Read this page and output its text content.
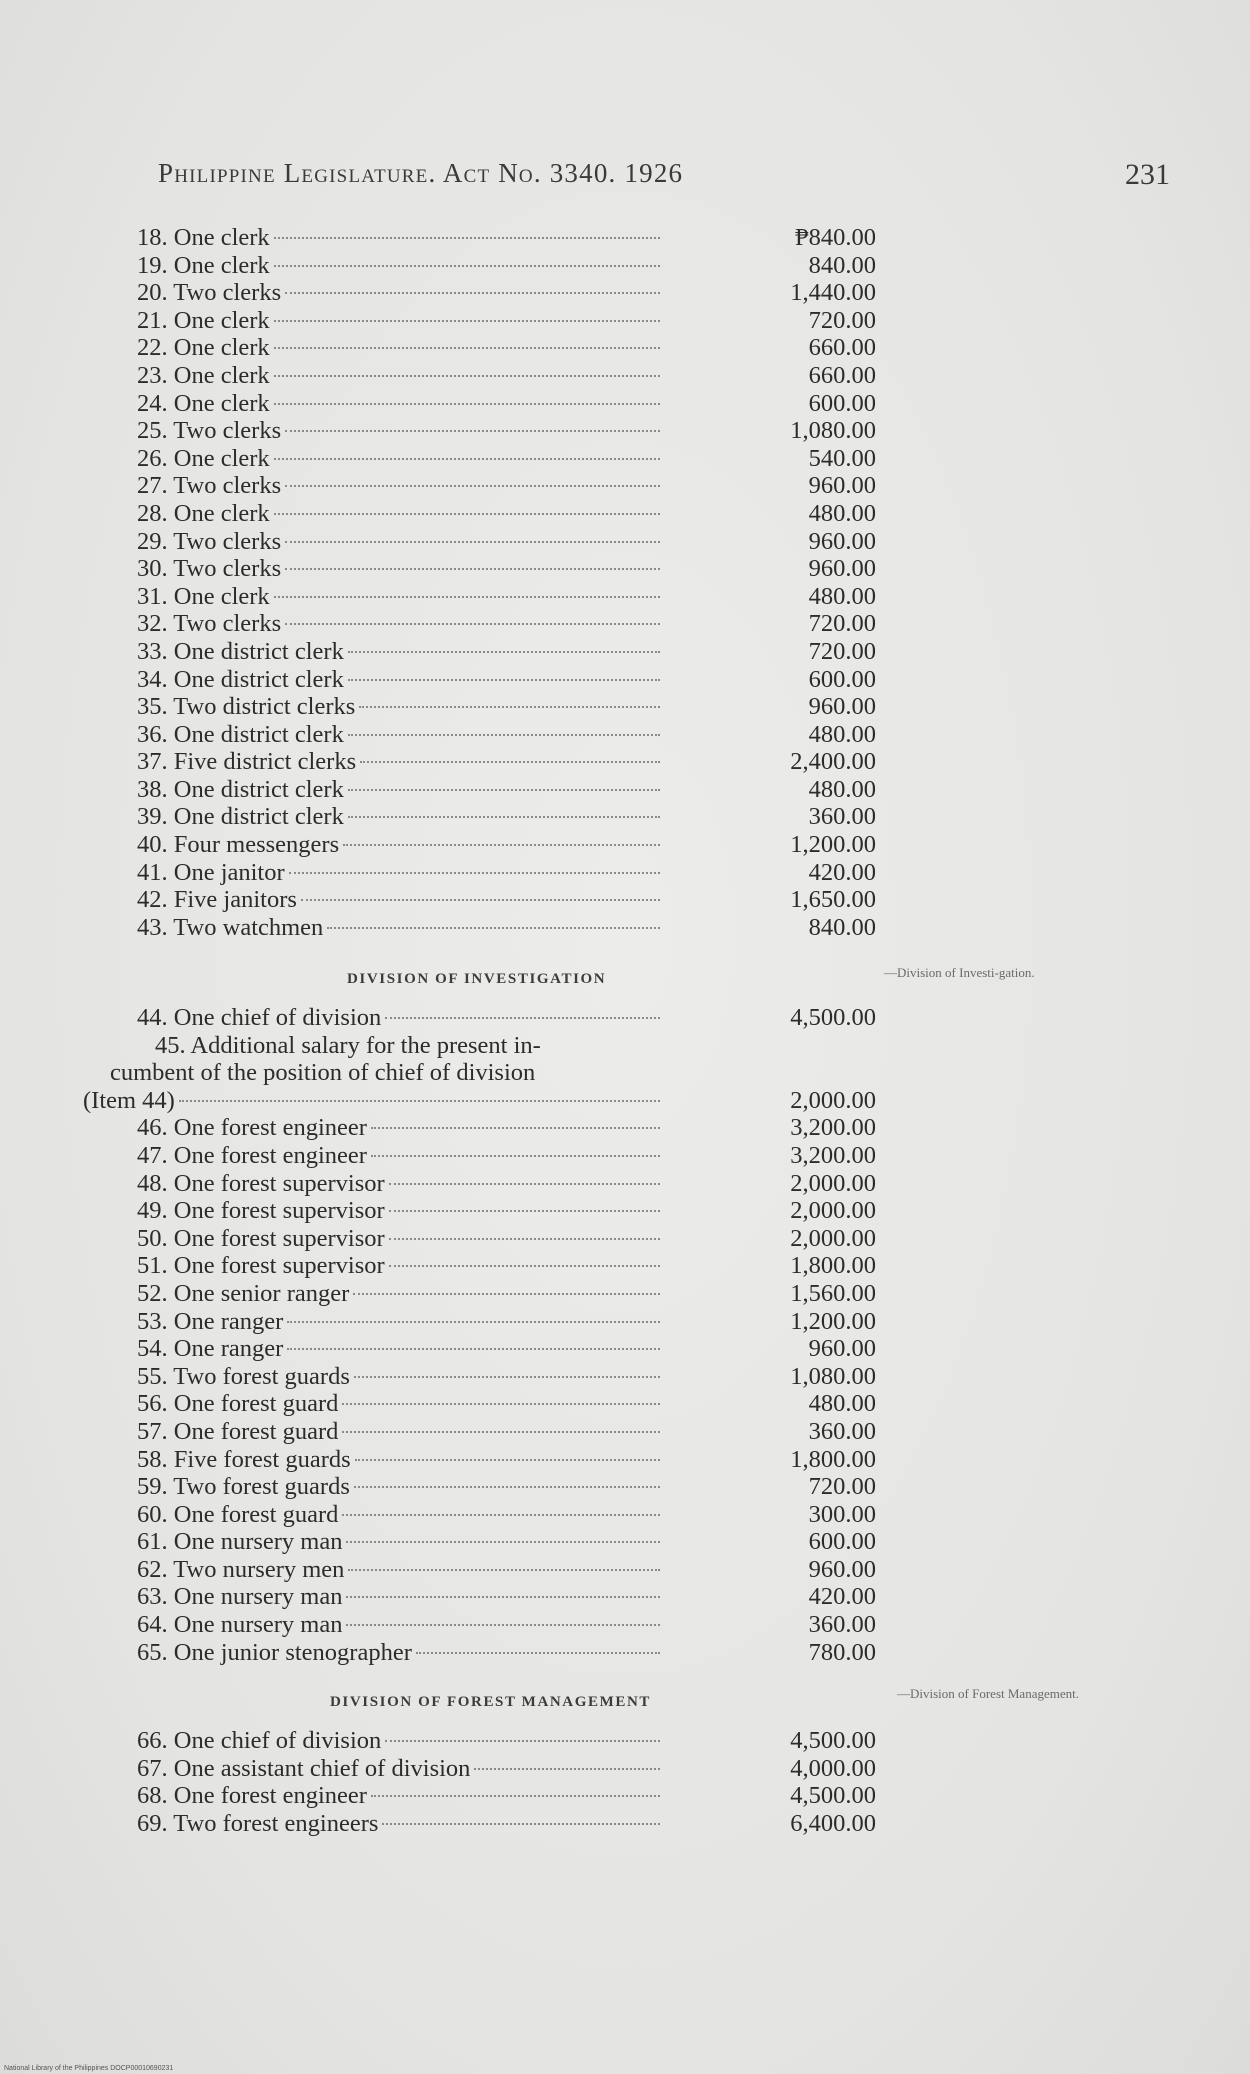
Philippine Legislature. Act No. 3340. 1926	231
18. One clerk	₱840.00
19. One clerk	840.00
20. Two clerks	1,440.00
21. One clerk	720.00
22. One clerk	660.00
23. One clerk	660.00
24. One clerk	600.00
25. Two clerks	1,080.00
26. One clerk	540.00
27. Two clerks	960.00
28. One clerk	480.00
29. Two clerks	960.00
30. Two clerks	960.00
31. One clerk	480.00
32. Two clerks	720.00
33. One district clerk	720.00
34. One district clerk	600.00
35. Two district clerks	960.00
36. One district clerk	480.00
37. Five district clerks	2,400.00
38. One district clerk	480.00
39. One district clerk	360.00
40. Four messengers	1,200.00
41. One janitor	420.00
42. Five janitors	1,650.00
43. Two watchmen	840.00
DIVISION OF INVESTIGATION	—Division of Investi-gation.
44. One chief of division	4,500.00
45. Additional salary for the present in-
cumbent of the position of chief of division
(Item 44)	2,000.00
46. One forest engineer	3,200.00
47. One forest engineer	3,200.00
48. One forest supervisor	2,000.00
49. One forest supervisor	2,000.00
50. One forest supervisor	2,000.00
51. One forest supervisor	1,800.00
52. One senior ranger	1,560.00
53. One ranger	1,200.00
54. One ranger	960.00
55. Two forest guards	1,080.00
56. One forest guard	480.00
57. One forest guard	360.00
58. Five forest guards	1,800.00
59. Two forest guards	720.00
60. One forest guard	300.00
61. One nursery man	600.00
62. Two nursery men	960.00
63. One nursery man	420.00
64. One nursery man	360.00
65. One junior stenographer	780.00
DIVISION OF FOREST MANAGEMENT
—Division of Forest Management.
66. One chief of division	4,500.00
67. One assistant chief of division	4,000.00
68. One forest engineer	4,500.00
69. Two forest engineers	6,400.00
National Library of the Philippines DOCP00010690231
